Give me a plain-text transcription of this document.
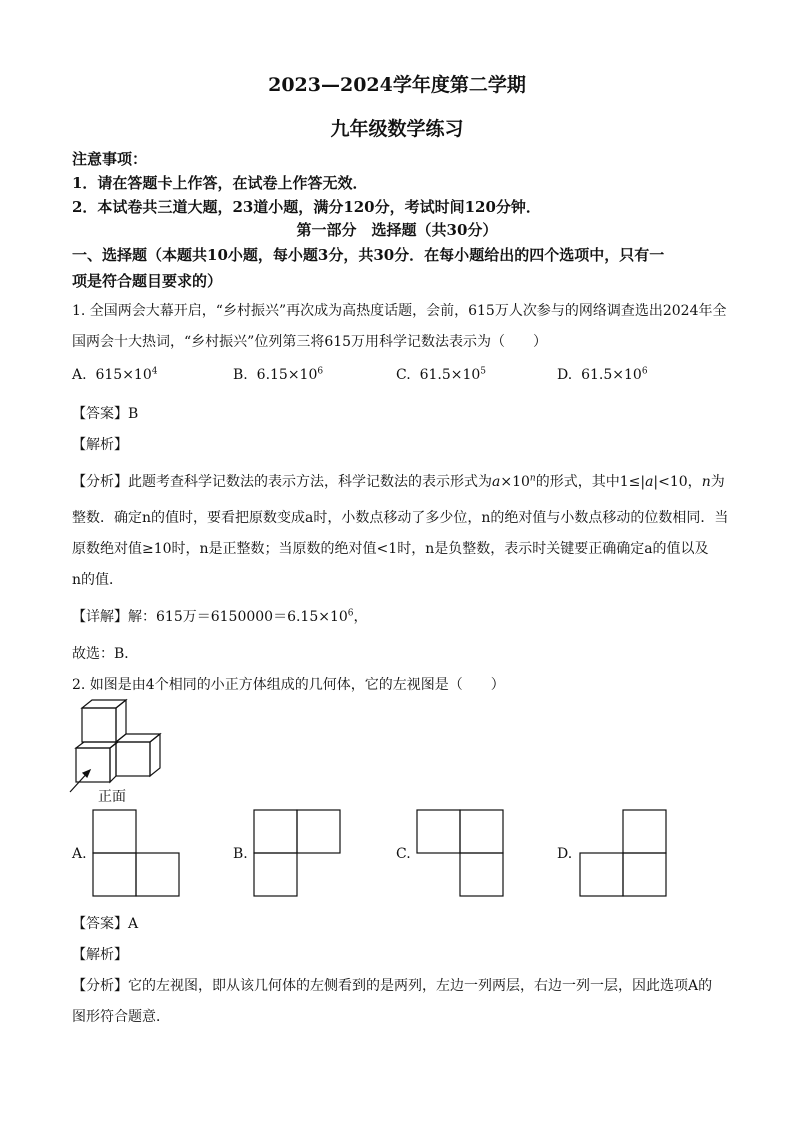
2023—2024学年度第二学期
九年级数学练习
注意事项：
1．请在答题卡上作答，在试卷上作答无效．
2．本试卷共三道大题，23道小题，满分120分，考试时间120分钟．
第一部分　选择题（共30分）
一、选择题（本题共10小题，每小题3分，共30分．在每小题给出的四个选项中，只有一
项是符合题目要求的）
1. 全国两会大幕开启，“乡村振兴”再次成为高热度话题，会前，615万人次参与的网络调查选出2024年全
国两会十大热词，“乡村振兴”位列第三将615万用科学记数法表示为（　　）
A. $615\times 10^4$	B. $6.15\times 10^6$	C. $61.5\times 10^5$	D. $61.5\times 10^6$
【答案】B
【解析】
【分析】此题考查科学记数法的表示方法，科学记数法的表示形式为$a\times 10^n$的形式，其中1≤|a|<10，n为
整数．确定n的值时，要看把原数变成a时，小数点移动了多少位，n的绝对值与小数点移动的位数相同．当
原数绝对值≥10时，n是正整数；当原数的绝对值<1时，n是负整数，表示时关键要正确确定a的值以及
n的值．
【详解】解：615万$=6150000=6.15\times 10^6$，
故选：B．
2. 如图是由4个相同的小正方体组成的几何体，它的左视图是（　　）
正面
A.	B.	C.	D.
【答案】A
【解析】
【分析】它的左视图，即从该几何体的左侧看到的是两列，左边一列两层，右边一列一层，因此选项A的
图形符合题意．
